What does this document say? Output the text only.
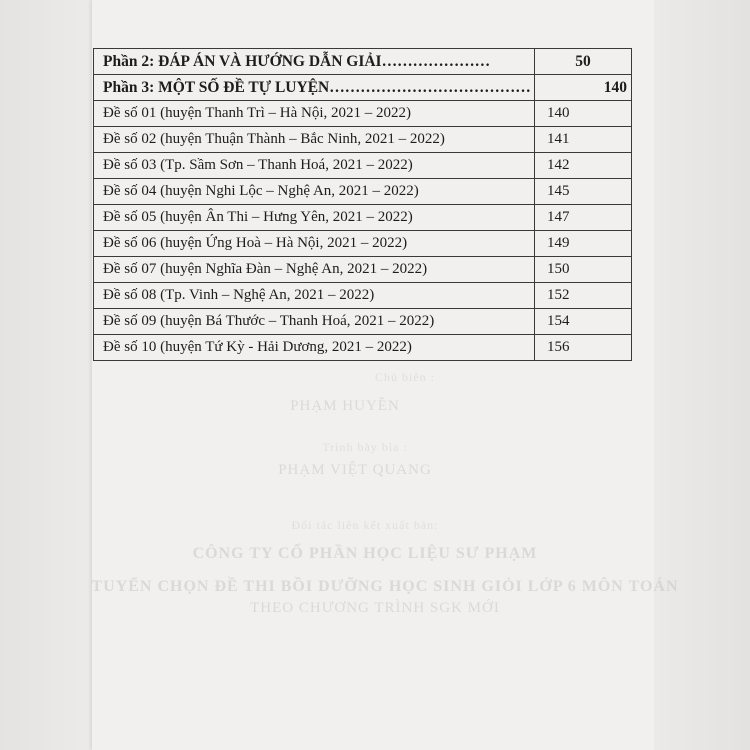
Chủ biên :
PHẠM HUYỀN
Trình bày bìa :
PHẠM VIỆT QUANG
Đối tác liên kết xuất bản:
CÔNG TY CỔ PHẦN HỌC LIỆU SƯ PHẠM
TUYỂN CHỌN ĐỀ THI BỒI DƯỠNG HỌC SINH GIỎI LỚP 6 MÔN TOÁN
THEO CHƯƠNG TRÌNH SGK MỚI
Phần 2: ĐÁP ÁN VÀ HƯỚNG DẪN GIẢI…………………	50
Phần 3: MỘT SỐ ĐỀ TỰ LUYỆN…………………………………	140
Đề số 01 (huyện Thanh Trì – Hà Nội, 2021 – 2022)	140
Đề số 02 (huyện Thuận Thành – Bắc Ninh, 2021 – 2022)	141
Đề số 03 (Tp. Sầm Sơn – Thanh Hoá, 2021 – 2022)	142
Đề số 04 (huyện Nghi Lộc – Nghệ An, 2021 – 2022)	145
Đề số 05 (huyện Ân Thi – Hưng Yên, 2021 – 2022)	147
Đề số 06 (huyện Ứng Hoà – Hà Nội, 2021 – 2022)	149
Đề số 07 (huyện Nghĩa Đàn – Nghệ An, 2021 – 2022)	150
Đề số 08 (Tp. Vinh – Nghệ An, 2021 – 2022)	152
Đề số 09 (huyện Bá Thước – Thanh Hoá, 2021 – 2022)	154
Đề số 10 (huyện Tứ Kỳ - Hải Dương, 2021 – 2022)	156
